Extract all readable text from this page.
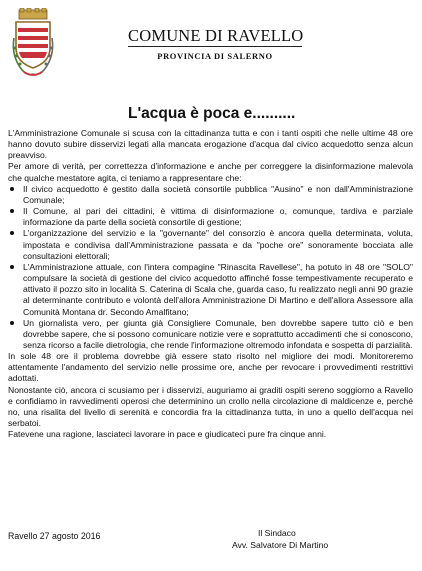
COMUNE DI RAVELLO
PROVINCIA DI SALERNO
L'acqua è poca e..........

L'Amministrazione Comunale si scusa con la cittadinanza tutta e con i tanti ospiti che nelle ultime 48 ore hanno dovuto subire disservizi legati alla mancata erogazione d'acqua dal civico acquedotto senza alcun preavviso.

Per amore di verità, per correttezza d'informazione e anche per correggere la disinformazione malevola che qualche mestatore agita, ci teniamo a rappresentare che:

Il civico acquedotto è gestito dalla società consortile pubblica "Ausino" e non dall'Amministrazione Comunale;
Il Comune, al pari dei cittadini, è vittima di disinformazione o, comunque, tardiva e parziale informazione da parte della società consortile di gestione;
L'organizzazione del servizio e la "governante" del consorzio è ancora quella determinata, voluta, impostata e condivisa dall'Amministrazione passata e da "poche ore" sonoramente bocciata alle consultazioni elettorali;
L'Amministrazione attuale, con l'intera compagine "Rinascita Ravellese", ha potuto in 48 ore "SOLO" compulsare la società di gestione del civico acquedotto affinché fosse tempestivamente recuperato e attivato il pozzo sito in località S. Caterina di Scala che, guarda caso, fu realizzato negli anni 90 grazie al determinante contributo e volontà dell'allora Amministrazione Di Martino e dell'allora Assessore alla Comunità Montana dr. Secondo Amalfitano;
Un giornalista vero, per giunta già Consigliere Comunale, ben dovrebbe sapere tutto ciò e ben dovrebbe sapere, che si possono comunicare notizie vere e soprattutto accadimenti che si conoscono, senza ricorso a facile dietrologia, che rende l'informazione oltremodo infondata e sospetta di parzialità.

In sole 48 ore il problema dovrebbe già essere stato risolto nel migliore dei modi. Monitoreremo attentamente l'andamento del servizio nelle prossime ore, anche per revocare i provvedimenti restrittivi adottati.

Nonostante ciò, ancora ci scusiamo per i disservizi, auguriamo ai graditi ospiti sereno soggiorno a Ravello e confidiamo in ravvedimenti operosi che determinino un crollo nella circolazione di maldicenze e, perché no, una risalita del livello di serenità e concordia fra la cittadinanza tutta, in uno a quello dell'acqua nei serbatoi.

Fatevene una ragione, lasciateci lavorare in pace e giudicateci pure fra cinque anni.

Ravello 27 agosto 2016	Il Sindaco
Avv. Salvatore Di Martino
